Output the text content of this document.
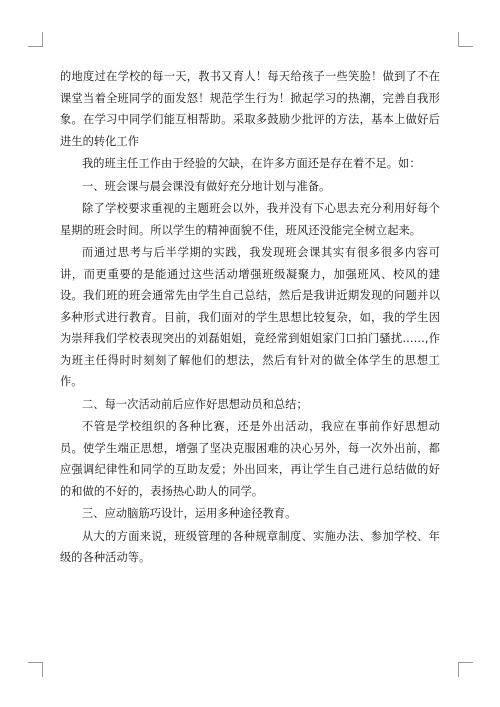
的地度过在学校的每一天，教书又育人！每天给孩子一些笑脸！做到了不在课堂当着全班同学的面发怒！规范学生行为！掀起学习的热潮，完善自我形象。在学习中同学们能互相帮助。采取多鼓励少批评的方法，基本上做好后进生的转化工作

我的班主任工作由于经验的欠缺，在许多方面还是存在着不足。如：

一、班会课与晨会课没有做好充分地计划与准备。

除了学校要求重视的主题班会以外，我并没有下心思去充分利用好每个星期的班会时间。所以学生的精神面貌不佳，班风还没能完全树立起来。

而通过思考与后半学期的实践，我发现班会课其实有很多很多内容可讲，而更重要的是能通过这些活动增强班级凝聚力，加强班风、校风的建设。我们班的班会通常先由学生自己总结，然后是我讲近期发现的问题并以多种形式进行教育。目前，我们面对的学生思想比较复杂，如，我的学生因为崇拜我们学校表现突出的刘磊姐姐，竟经常到姐姐家门口拍门骚扰……,作为班主任得时时刻刻了解他们的想法，然后有针对的做全体学生的思想工作。

二、每一次活动前后应作好思想动员和总结；

不管是学校组织的各种比赛，还是外出活动，我应在事前作好思想动员。使学生端正思想，增强了坚决克服困难的决心另外，每一次外出前，都应强调纪律性和同学的互助友爱；外出回来，再让学生自己进行总结做的好的和做的不好的，表扬热心助人的同学。

三、应动脑筋巧设计，运用多种途径教育。

从大的方面来说，班级管理的各种规章制度、实施办法、参加学校、年级的各种活动等。
